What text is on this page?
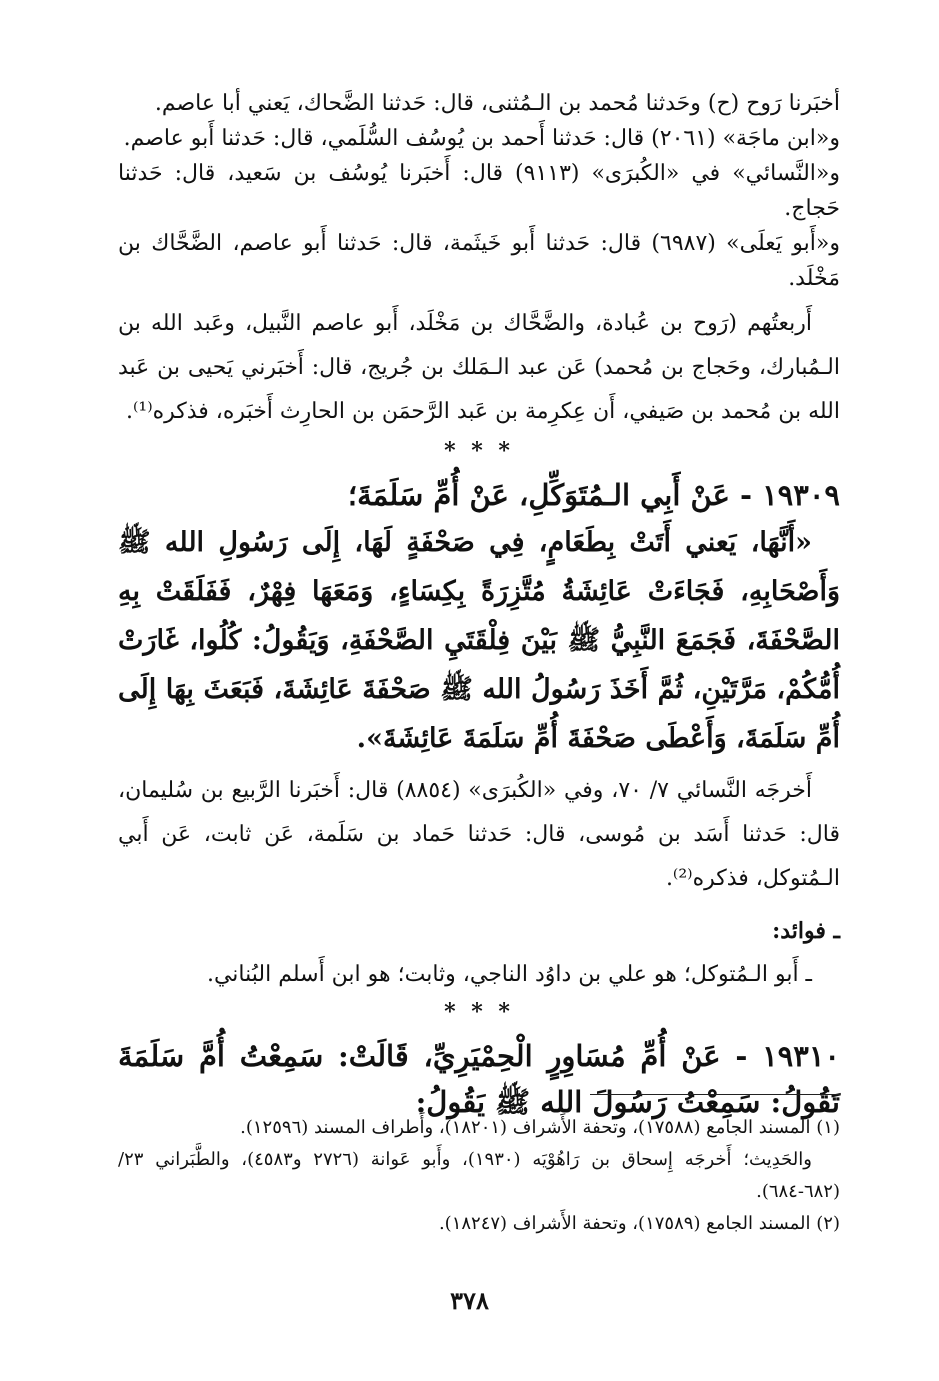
أخبَرنا رَوح (ح) وحَدثنا مُحمد بن الـمُثنى، قال: حَدثنا الضَّحاك، يَعني أبا عاصم.

و«ابن ماجَة» (٢٠٦١) قال: حَدثنا أَحمد بن يُوسُف السُّلَمي، قال: حَدثنا أَبو عاصم.

و«النَّسائي» في «الكُبرَى» (٩١١٣) قال: أَخبَرنا يُوسُف بن سَعيد، قال: حَدثنا حَجاج.

و«أَبو يَعلَى» (٦٩٨٧) قال: حَدثنا أَبو خَيثَمة، قال: حَدثنا أَبو عاصم، الضَّحَّاك بن مَخْلَد.

أَربعتُهم (رَوح بن عُبادة، والضَّحَّاك بن مَخْلَد، أَبو عاصم النَّبيل، وعَبد الله بن الـمُبارك، وحَجاج بن مُحمد) عَن عبد الـمَلك بن جُريج، قال: أَخبَرني يَحيى بن عَبد الله بن مُحمد بن صَيفي، أَن عِكرِمة بن عَبد الرَّحمَن بن الحارِث أَخبَره، فذكره⁽¹⁾.

* * *

١٩٣٠٩ - عَنْ أَبِي الـمُتَوَكِّلِ، عَنْ أُمِّ سَلَمَةَ؛

«أَنَّهَا، يَعني أَتَتْ بِطَعَامٍ، فِي صَحْفَةٍ لَهَا، إِلَى رَسُولِ الله ﷺ وَأَصْحَابِهِ، فَجَاءَتْ عَائِشَةُ مُتَّزِرَةً بِكِسَاءٍ، وَمَعَهَا فِهْرٌ، فَفَلَقَتْ بِهِ الصَّحْفَةَ، فَجَمَعَ النَّبِيُّ ﷺ بَيْنَ فِلْقَتَيِ الصَّحْفَةِ، وَيَقُولُ: كُلُوا، غَارَتْ أُمُّكُمْ، مَرَّتَيْنِ، ثُمَّ أَخَذَ رَسُولُ الله ﷺ صَحْفَةَ عَائِشَةَ، فَبَعَثَ بِهَا إِلَى أُمِّ سَلَمَةَ، وَأَعْطَى صَحْفَةَ أُمِّ سَلَمَةَ عَائِشَةَ».

أَخرجَه النَّسائي ٧/ ٧٠، وفي «الكُبرَى» (٨٨٥٤) قال: أَخبَرنا الرَّبيع بن سُليمان، قال: حَدثنا أَسَد بن مُوسى، قال: حَدثنا حَماد بن سَلَمة، عَن ثابت، عَن أَبي الـمُتوكل، فذكره⁽²⁾.

ـ فوائد:

ـ أَبو الـمُتوكل؛ هو علي بن داوُد الناجي، وثابت؛ هو ابن أَسلم البُناني.

* * *

١٩٣١٠ - عَنْ أُمِّ مُسَاوِرٍ الْحِمْيَرِيِّ، قَالَتْ: سَمِعْتُ أُمَّ سَلَمَةَ تَقُولُ: سَمِعْتُ رَسُولَ الله ﷺ يَقُولُ:

(١) المسند الجامع (١٧٥٨٨)، وتحفة الأَشراف (١٨٢٠١)، وأَطراف المسند (١٢٥٩٦).

والحَدِيث؛ أَخرجَه إِسحاق بن رَاهُوْيَه (١٩٣٠)، وأَبو عَوانة (٢٧٢٦ و٤٥٨٣)، والطَّبَراني ٢٣/ (٦٨٢-٦٨٤).

(٢) المسند الجامع (١٧٥٨٩)، وتحفة الأَشراف (١٨٢٤٧).

٣٧٨
